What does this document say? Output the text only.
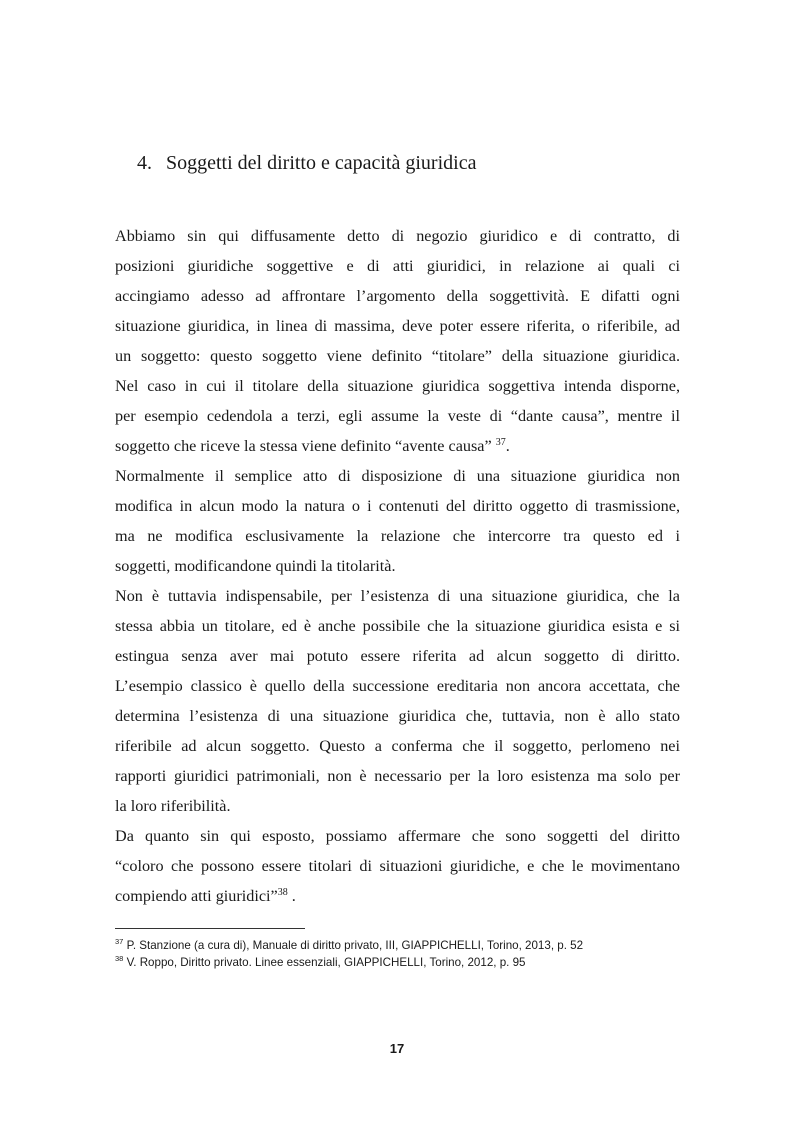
4. Soggetti del diritto e capacità giuridica
Abbiamo sin qui diffusamente detto di negozio giuridico e di contratto, di
posizioni giuridiche soggettive e di atti giuridici, in relazione ai quali ci
accingiamo adesso ad affrontare l’argomento della soggettività. E difatti ogni
situazione giuridica, in linea di massima, deve poter essere riferita, o riferibile, ad
un soggetto: questo soggetto viene definito “titolare” della situazione giuridica.
Nel caso in cui il titolare della situazione giuridica soggettiva intenda disporne,
per esempio cedendola a terzi, egli assume la veste di “dante causa”, mentre il
soggetto che riceve la stessa viene definito “avente causa” $^{37}$.
Normalmente il semplice atto di disposizione di una situazione giuridica non
modifica in alcun modo la natura o i contenuti del diritto oggetto di trasmissione,
ma ne modifica esclusivamente la relazione che intercorre tra questo ed i
soggetti, modificandone quindi la titolarità.
Non è tuttavia indispensabile, per l’esistenza di una situazione giuridica, che la
stessa abbia un titolare, ed è anche possibile che la situazione giuridica esista e si
estingua senza aver mai potuto essere riferita ad alcun soggetto di diritto.
L’esempio classico è quello della successione ereditaria non ancora accettata, che
determina l’esistenza di una situazione giuridica che, tuttavia, non è allo stato
riferibile ad alcun soggetto. Questo a conferma che il soggetto, perlomeno nei
rapporti giuridici patrimoniali, non è necessario per la loro esistenza ma solo per
la loro riferibilità.
Da quanto sin qui esposto, possiamo affermare che sono soggetti del diritto
“coloro che possono essere titolari di situazioni giuridiche, e che le movimentano
compiendo atti giuridici”$^{38}$ .
$^{37}$ P. Stanzione (a cura di), Manuale di diritto privato, III, GIAPPICHELLI, Torino, 2013, p. 52
$^{38}$ V. Roppo, Diritto privato. Linee essenziali, GIAPPICHELLI, Torino, 2012, p. 95
17
